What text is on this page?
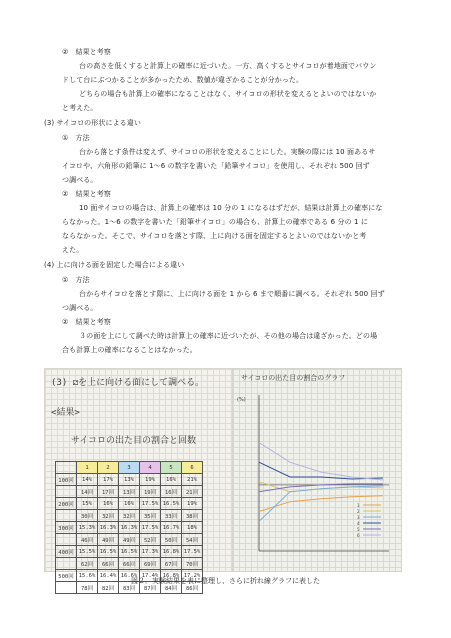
②　結果と考察
台の高さを低くすると計算上の確率に近づいた。一方、高くするとサイコロが着地面でバウン
ドして台にぶつかることが多かったため、数値が違ざかることが分かった。
どちらの場合も計算上の確率になることはなく、サイコロの形状を変えるとよいのではないか
と考えた。
(3) サイコロの形状による違い
①　方法
台から落とす条件は変えず、サイコロの形状を変えることにした。実験の際には 10 面あるサ
イコロや、六角形の鉛筆に 1〜6 の数字を書いた「鉛筆サイコロ」を使用し、それぞれ 500 回ず
つ調べる。
②　結果と考察
10 面サイコロの場合は、計算上の確率は 10 分の 1 になるはずだが、結果は計算上の確率にな
らなかった。1〜6 の数字を書いた「鉛筆サイコロ」の場合も、計算上の確率である 6 分の 1 に
ならなかった。そこで、サイコロを落とす際、上に向ける面を固定するとよいのではないかと考
えた。
(4) 上に向ける面を固定した場合による違い
①　方法
台からサイコロを落とす際に、上に向ける面を 1 から 6 まで順番に調べる。それぞれ 500 回ず
つ調べる。
②　結果と考察
３の面を上にして調べた時は計算上の確率に近づいたが、その他の場合は違ざかった。どの場
合も計算上の確率になることはなかった。
(3) ⚁を上に向ける面にして調べる。
<結果>
サイコロの出た目の割合と回数
	1	2	3	4	5	6
100回	14%	17%	13%	19%	16%	21%
	14回	17回	13回	19回	16回	21回
200回	15%	16%	16%	17.5%	16.5%	19%
	30回	32回	32回	35回	33回	38回
300回	15.3%	16.3%	16.3%	17.5%	16.7%	18%
	46回	49回	49回	52回	50回	54回
400回	15.5%	16.5%	16.5%	17.3%	16.8%	17.5%
	62回	66回	66回	69回	67回	70回
500回	15.6%	16.4%	16.6%	17.4%	16.8%	17.2%
	78回	82回	83回	87回	84回	86回
サイコロの出た目の割合のグラフ
(%)
1
2
3
4
5
6
図２．実験結果を表に整理し、さらに折れ線グラフに表した
